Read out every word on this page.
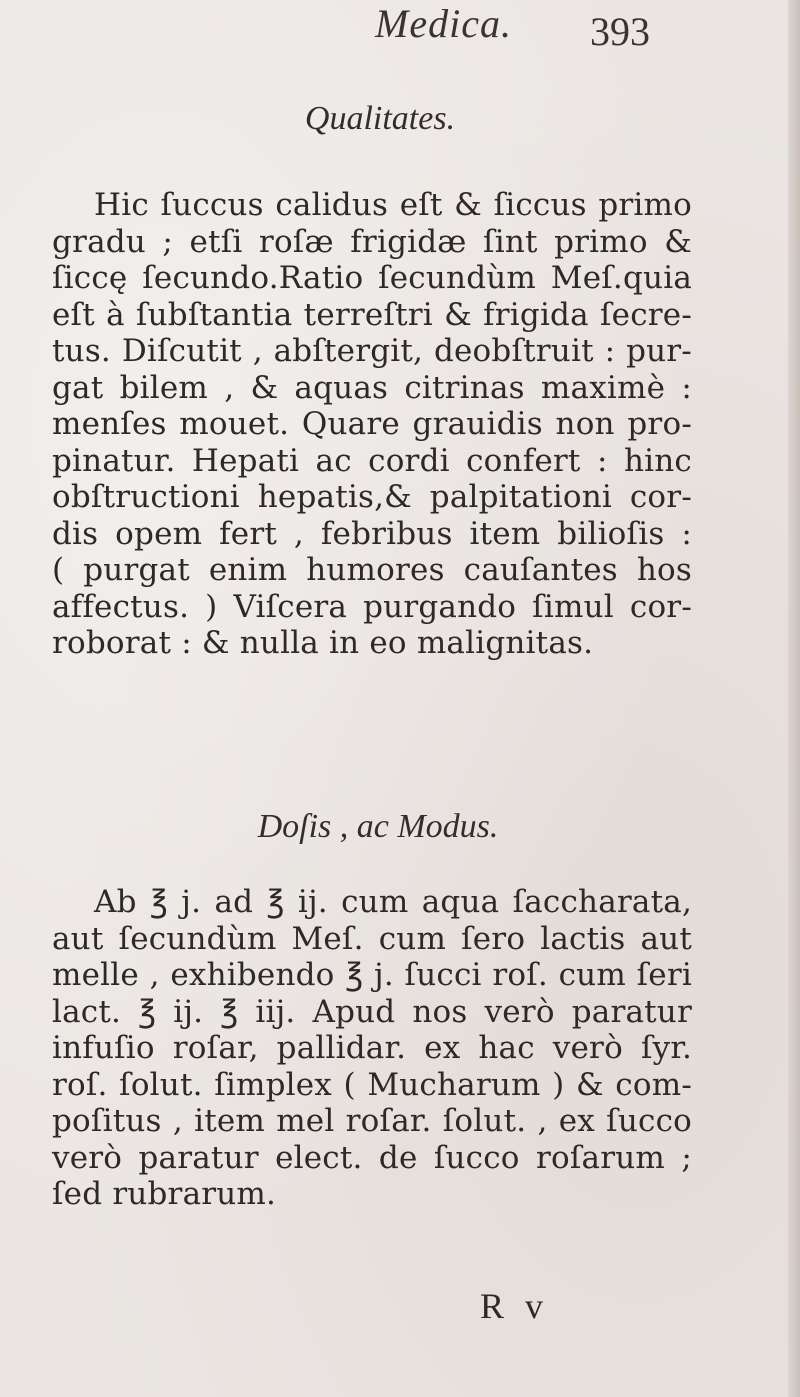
Medica. 393
Qualitates.
Hic ſuccus calidus eſt & ſiccus primo
gradu ; etſi roſæ frigidæ ſint primo &
ſiccę ſecundo.Ratio ſecundùm Meſ.quia
eſt à ſubſtantia terreſtri & frigida ſecre-
tus. Diſcutit , abſtergit, deobſtruit : pur-
gat bilem , & aquas citrinas maximè :
menſes mouet. Quare grauidis non pro-
pinatur. Hepati ac cordi confert : hinc
obſtructioni hepatis,& palpitationi cor-
dis opem fert , febribus item bilioſis :
( purgat enim humores cauſantes hos
affectus. ) Viſcera purgando ſimul cor-
roborat : & nulla in eo malignitas.
Doſis , ac Modus.
Ab ℥ j. ad ℥ ij. cum aqua ſaccharata,
aut ſecundùm Meſ. cum ſero lactis aut
melle , exhibendo ℥ j. ſucci roſ. cum ſeri
lact. ℥ ij. ℥ iij. Apud nos verò paratur
infuſio roſar, pallidar. ex hac verò ſyr.
roſ. ſolut. ſimplex ( Mucharum ) & com-
poſitus , item mel roſar. ſolut. , ex ſucco
verò paratur elect. de ſucco roſarum ;
ſed rubrarum.
R v
